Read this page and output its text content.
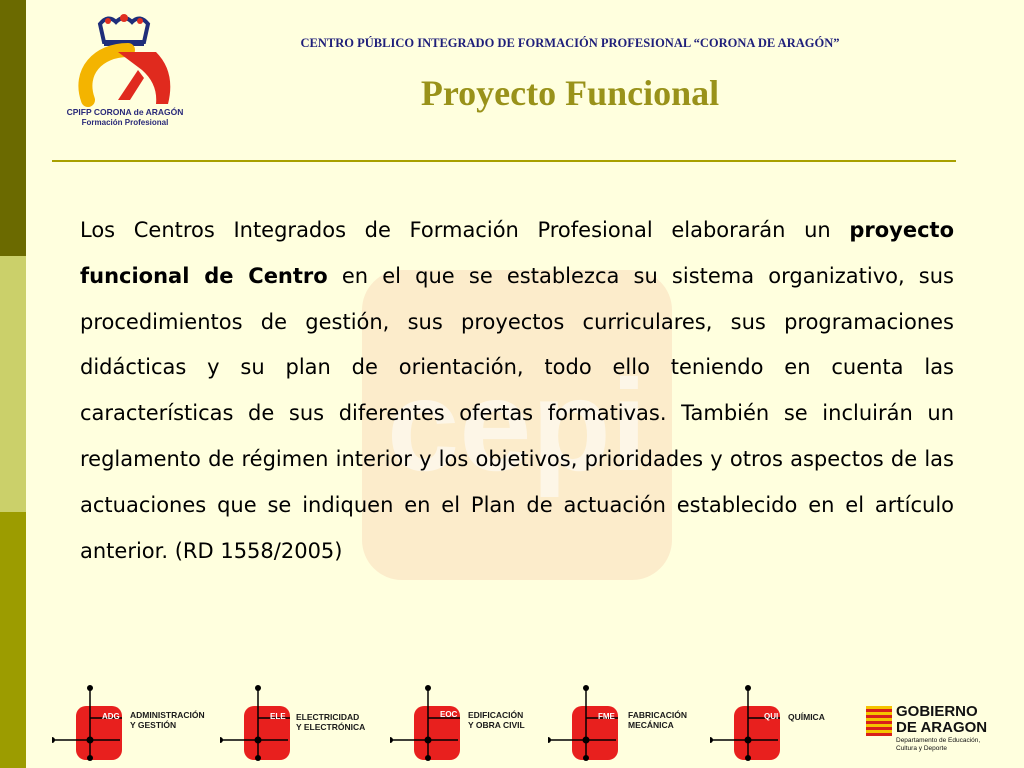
CPIFP CORONA de ARAGÓN
Formación Profesional
CENTRO PÚBLICO INTEGRADO DE FORMACIÓN PROFESIONAL “CORONA DE ARAGÓN”
Proyecto Funcional
cepi
Los Centros Integrados de Formación Profesional elaborarán un proyecto funcional de Centro en el que se establezca su sistema organizativo, sus procedimientos de gestión, sus proyectos curriculares, sus programaciones didácticas y su plan de orientación, todo ello teniendo en cuenta las características de sus diferentes ofertas formativas. También se incluirán un reglamento de régimen interior y los objetivos, prioridades y otros aspectos de las actuaciones que se indiquen en el Plan de actuación establecido en el artículo anterior. (RD 1558/2005)
ADG ADMINISTRACIÓN
Y GESTIÓN
ELE ELECTRICIDAD
Y ELECTRÓNICA
EOC EDIFICACIÓN
Y OBRA CIVIL
FME FABRICACIÓN
MECÁNICA
QUI QUÍMICA	GOBIERNO
DE ARAGON
Departamento de Educación,
Cultura y Deporte
